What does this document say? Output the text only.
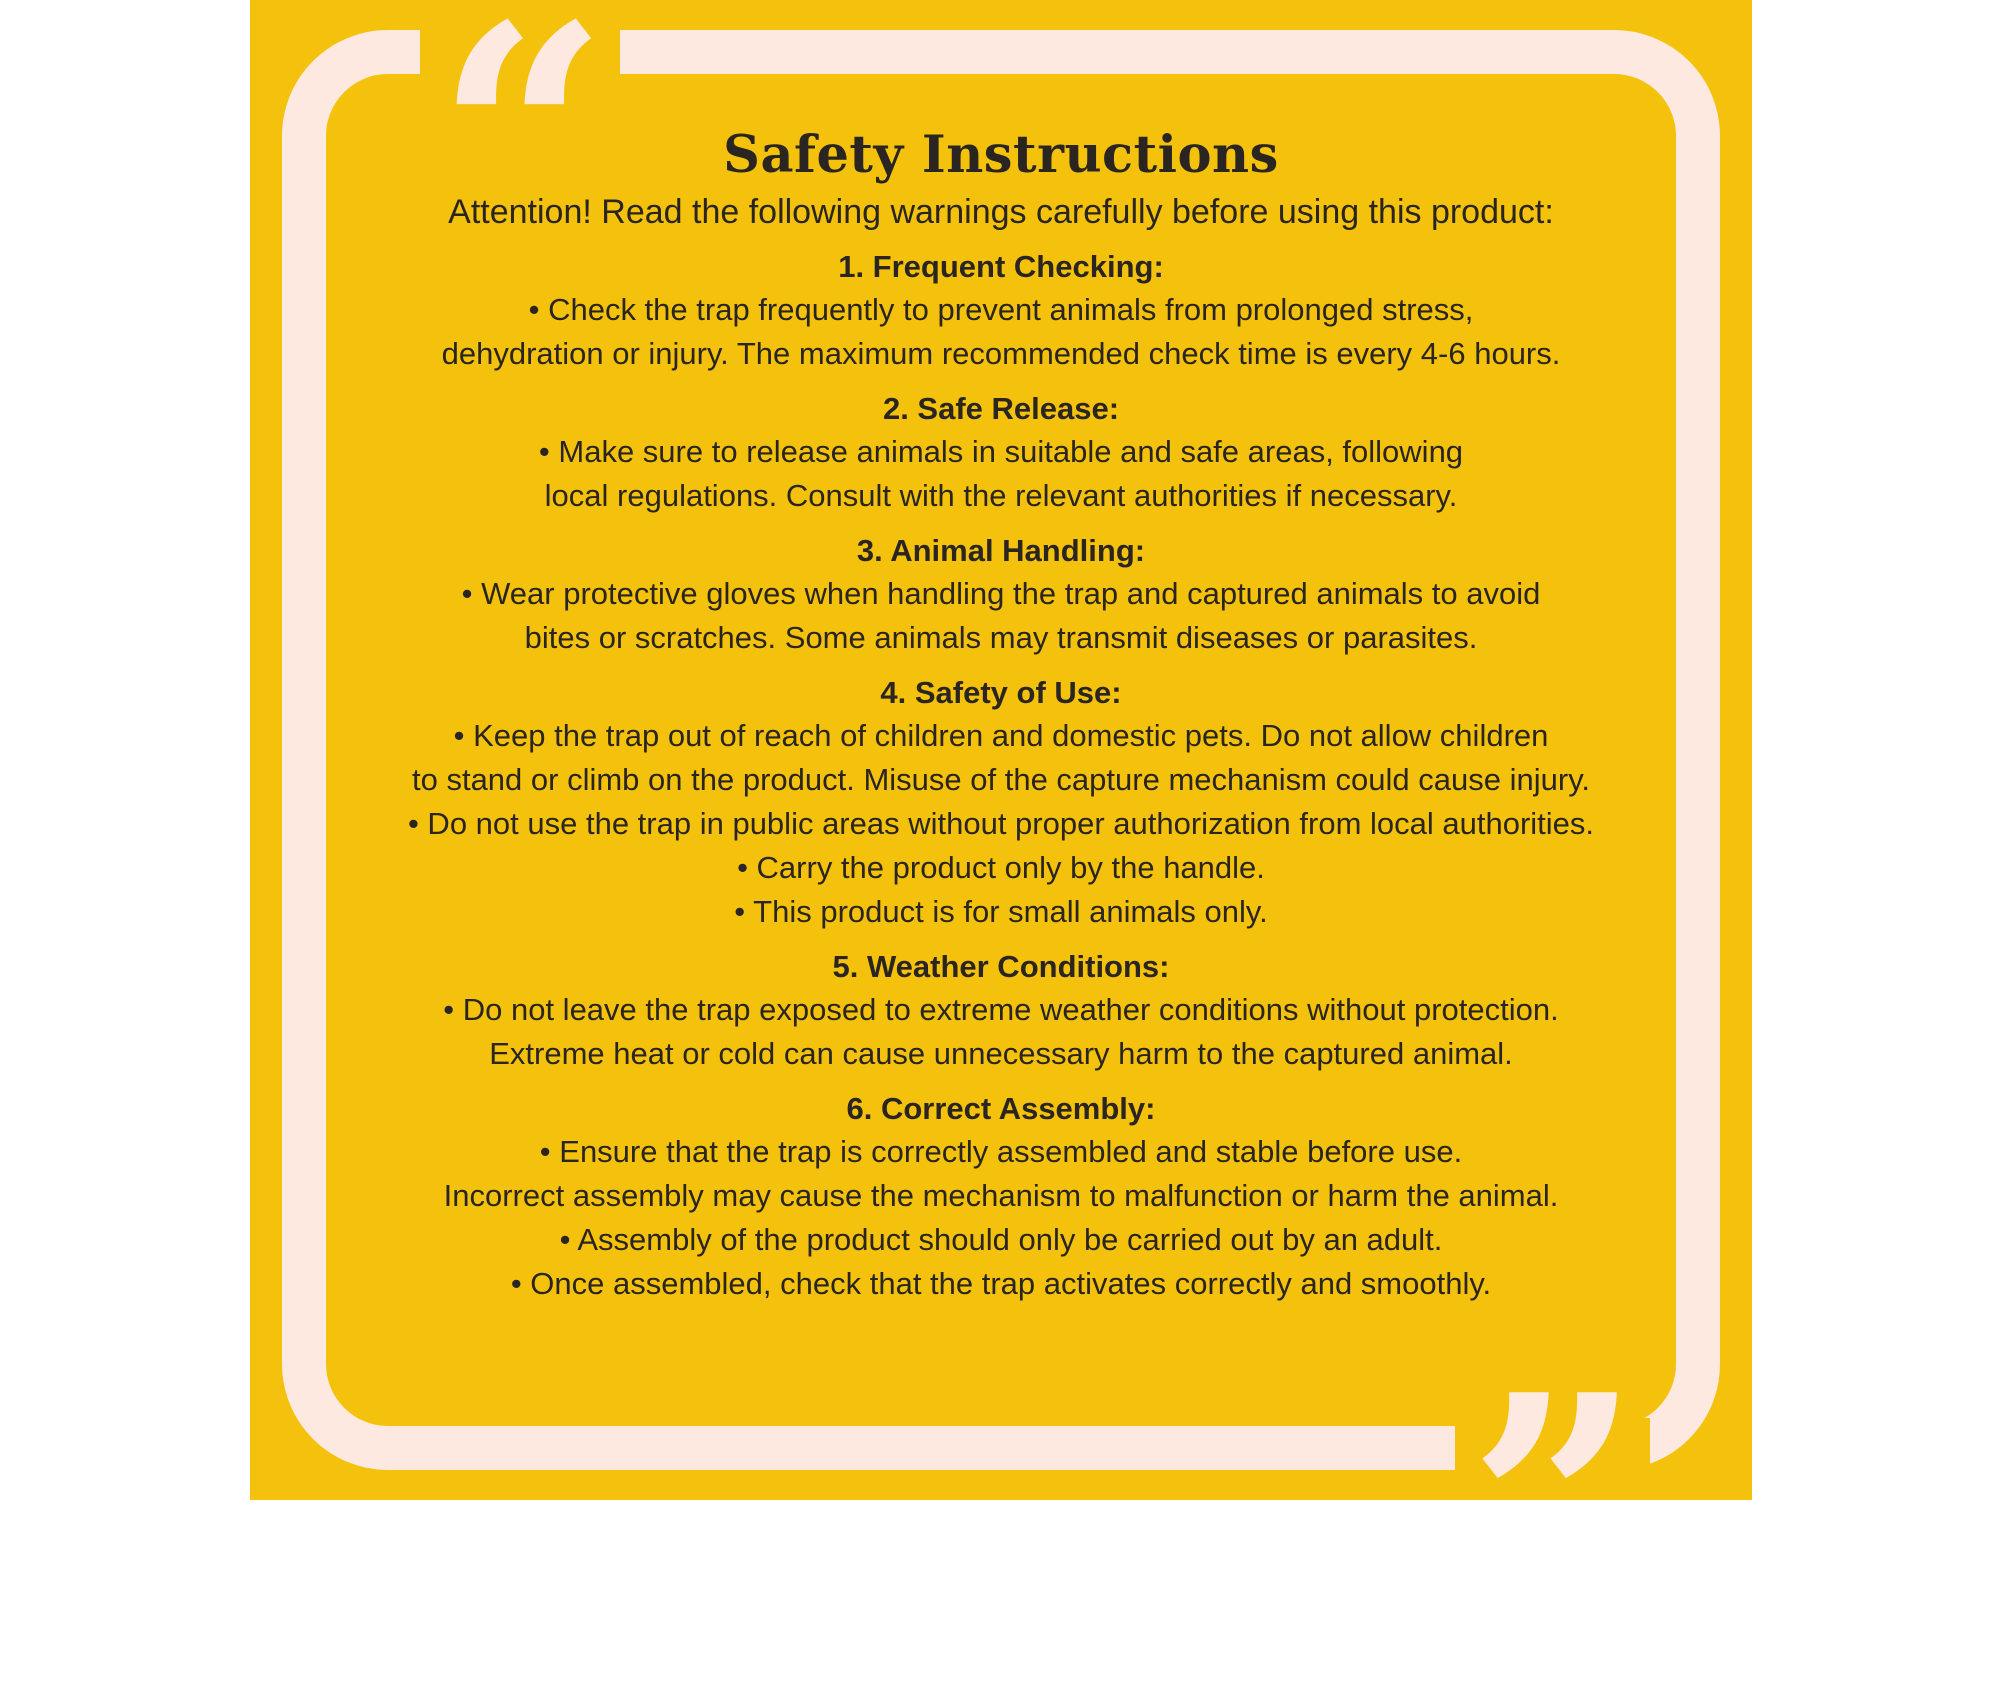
“
”
Safety Instructions
Attention! Read the following warnings carefully before using this product:
1. Frequent Checking:
• Check the trap frequently to prevent animals from prolonged stress,
dehydration or injury. The maximum recommended check time is every 4-6 hours.
2. Safe Release:
• Make sure to release animals in suitable and safe areas, following
local regulations. Consult with the relevant authorities if necessary.
3. Animal Handling:
• Wear protective gloves when handling the trap and captured animals to avoid
bites or scratches. Some animals may transmit diseases or parasites.
4. Safety of Use:
• Keep the trap out of reach of children and domestic pets. Do not allow children
to stand or climb on the product. Misuse of the capture mechanism could cause injury.
• Do not use the trap in public areas without proper authorization from local authorities.
• Carry the product only by the handle.
• This product is for small animals only.
5. Weather Conditions:
• Do not leave the trap exposed to extreme weather conditions without protection.
Extreme heat or cold can cause unnecessary harm to the captured animal.
6. Correct Assembly:
• Ensure that the trap is correctly assembled and stable before use.
Incorrect assembly may cause the mechanism to malfunction or harm the animal.
• Assembly of the product should only be carried out by an adult.
• Once assembled, check that the trap activates correctly and smoothly.
